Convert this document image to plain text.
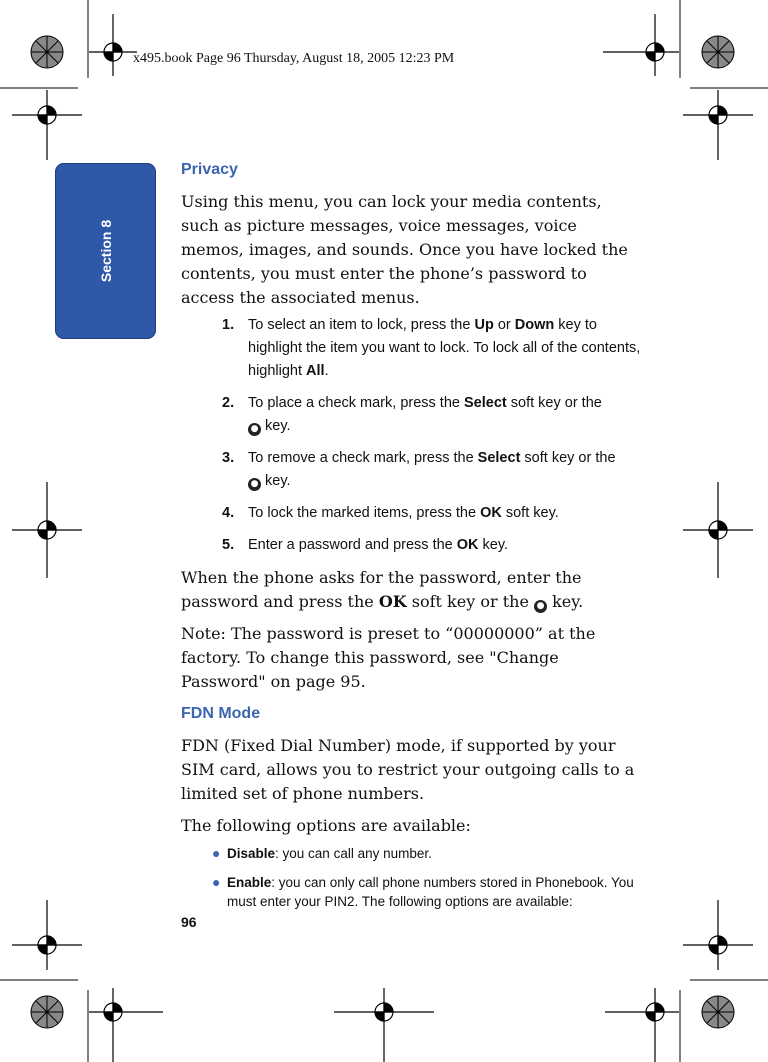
x495.book Page 96 Thursday, August 18, 2005 12:23 PM
Section 8
Privacy

Using this menu, you can lock your media contents, such as picture messages, voice messages, voice memos, images, and sounds. Once you have locked the contents, you must enter the phone’s password to access the associated menus.

1. To select an item to lock, press the Up or Down key to highlight the item you want to lock. To lock all of the contents, highlight All.
2. To place a check mark, press the Select soft key or the
● key.
3. To remove a check mark, press the Select soft key or the
● key.
4. To lock the marked items, press the OK soft key.
5. Enter a password and press the OK key.

When the phone asks for the password, enter the password and press the OK soft key or the ● key.

Note: The password is preset to “00000000” at the factory. To change this password, see "Change Password" on page 95.

FDN Mode

FDN (Fixed Dial Number) mode, if supported by your SIM card, allows you to restrict your outgoing calls to a limited set of phone numbers.

The following options are available:

● Disable: you can call any number.
● Enable: you can only call phone numbers stored in Phonebook. You must enter your PIN2. The following options are available:
96
